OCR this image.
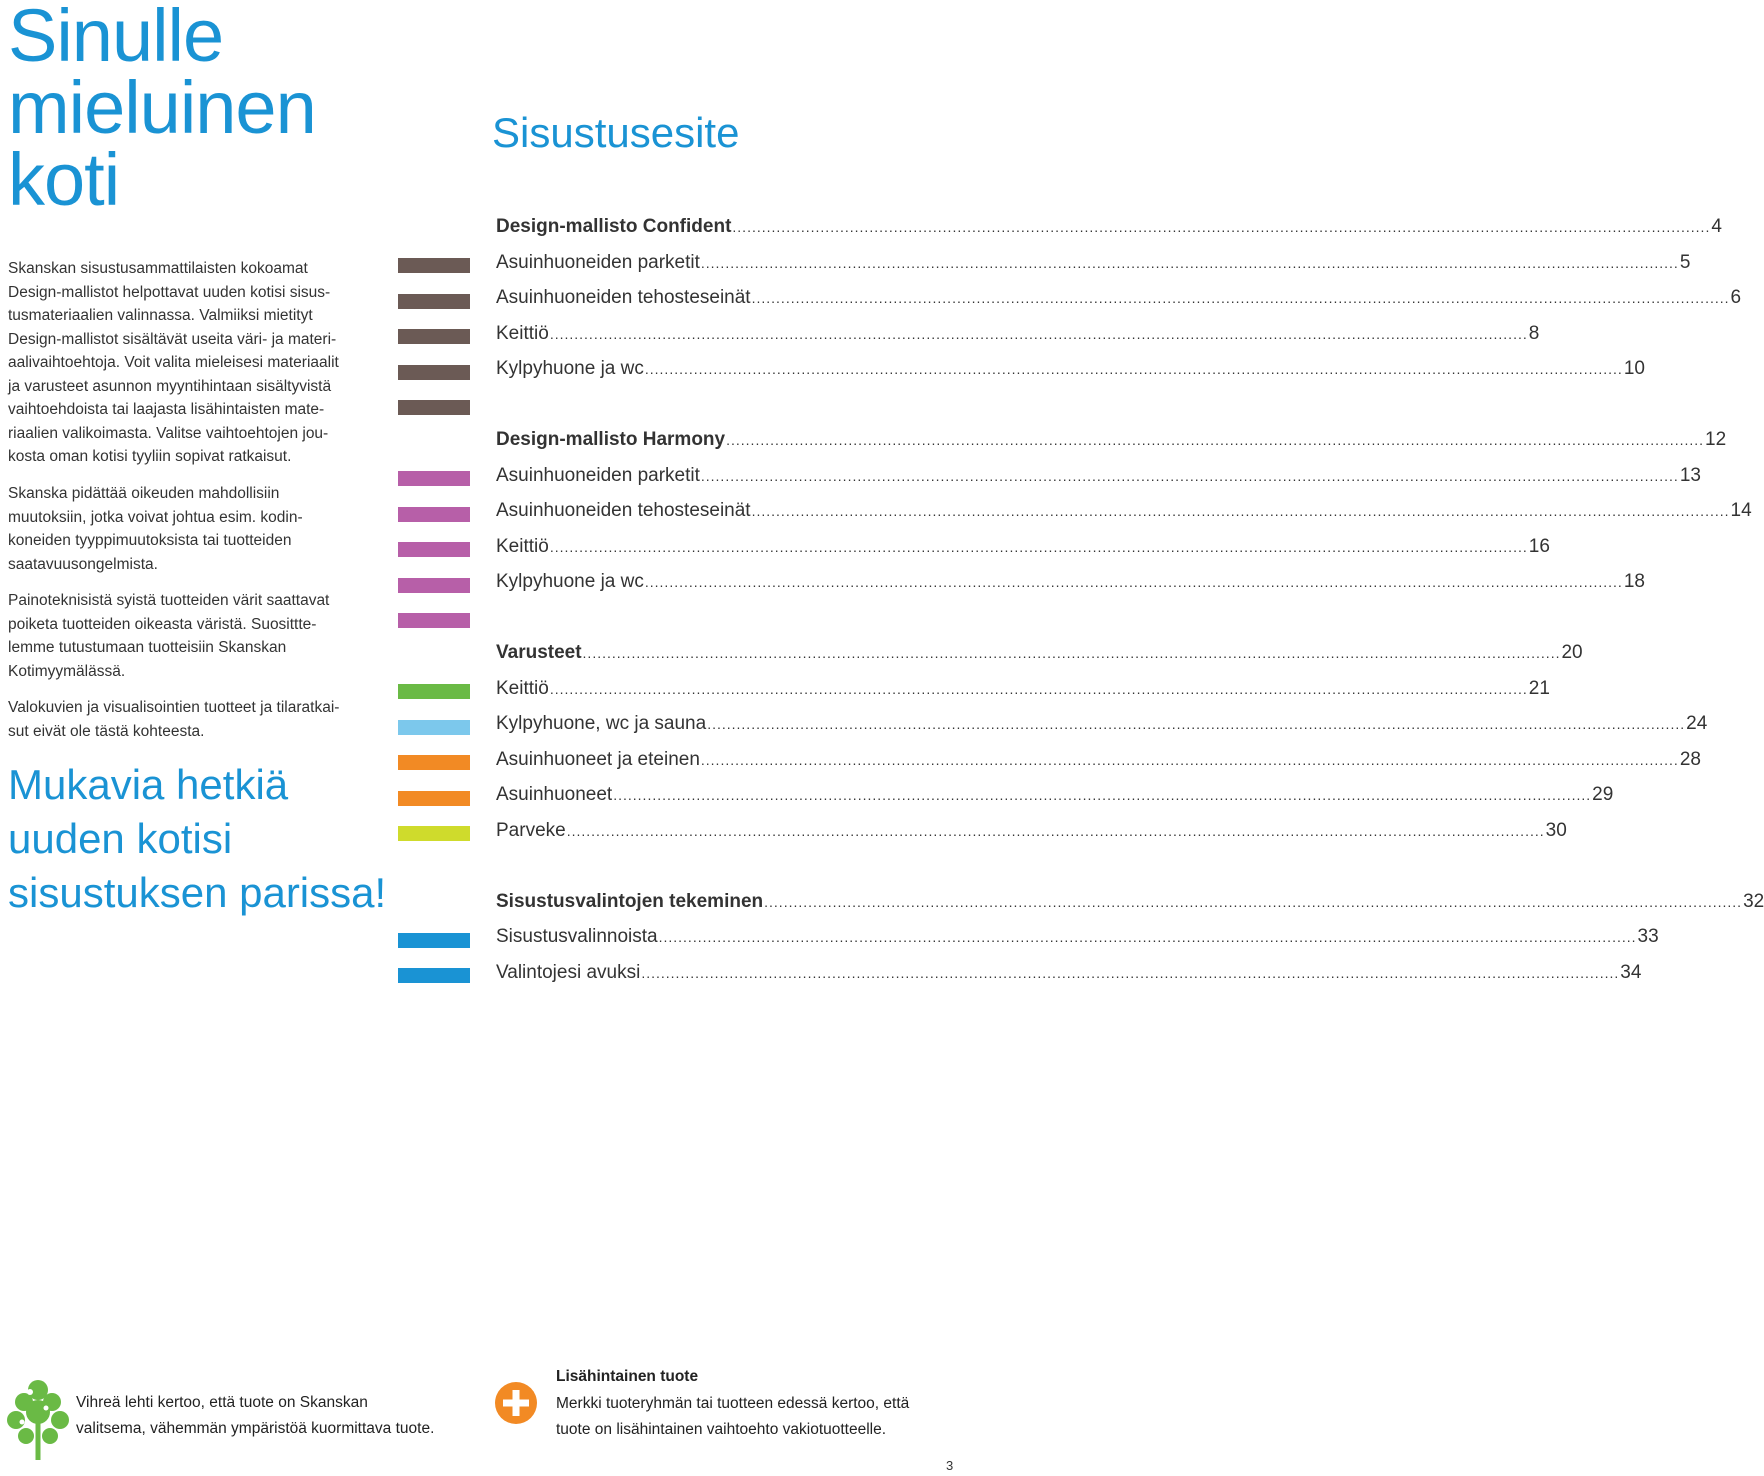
Sinulle
mieluinen
koti
Skanskan sisustusammattilaisten kokoamat
Design-mallistot helpottavat uuden kotisi sisus-
tusmateriaalien valinnassa. Valmiiksi mietityt
Design-mallistot sisältävät useita väri- ja materi-
aalivaihtoehtoja. Voit valita mieleisesi materiaalit
ja varusteet asunnon myyntihintaan sisältyvistä
vaihtoehdoista tai laajasta lisähintaisten mate-
riaalien valikoimasta. Valitse vaihtoehtojen jou-
kosta oman kotisi tyyliin sopivat ratkaisut.
Skanska pidättää oikeuden mahdollisiin
muutoksiin, jotka voivat johtua esim. kodin-
koneiden tyyppimuutoksista tai tuotteiden
saatavuusongelmista.
Painoteknisistä syistä tuotteiden värit saattavat
poiketa tuotteiden oikeasta väristä. Suosittte-
lemme tutustumaan tuotteisiin Skanskan
Kotimyymälässä.
Valokuvien ja visualisointien tuotteet ja tilaratkai-
sut eivät ole tästä kohteesta.
Mukavia hetkiä
uuden kotisi
sisustuksen parissa!
Sisustusesite
Design-mallisto Confident ........................................................................................................................................................................................................ 4
Asuinhuoneiden parketit ........................................................................................................................................................................................................ 5
Asuinhuoneiden tehosteseinät ........................................................................................................................................................................................................ 6
Keittiö ........................................................................................................................................................................................................ 8
Kylpyhuone ja wc ........................................................................................................................................................................................................ 10
Design-mallisto Harmony ........................................................................................................................................................................................................ 12
Asuinhuoneiden parketit ........................................................................................................................................................................................................ 13
Asuinhuoneiden tehosteseinät ........................................................................................................................................................................................................ 14
Keittiö ........................................................................................................................................................................................................ 16
Kylpyhuone ja wc ........................................................................................................................................................................................................ 18
Varusteet ........................................................................................................................................................................................................ 20
Keittiö ........................................................................................................................................................................................................ 21
Kylpyhuone, wc ja sauna ........................................................................................................................................................................................................ 24
Asuinhuoneet ja eteinen ........................................................................................................................................................................................................ 28
Asuinhuoneet ........................................................................................................................................................................................................ 29
Parveke ........................................................................................................................................................................................................ 30
Sisustusvalintojen tekeminen ........................................................................................................................................................................................................ 32
Sisustusvalinnoista ........................................................................................................................................................................................................ 33
Valintojesi avuksi ........................................................................................................................................................................................................ 34
Vihreä lehti kertoo, että tuote on Skanskan
valitsema, vähemmän ympäristöä kuormittava tuote.
Lisähintainen tuote
Merkki tuoteryhmän tai tuotteen edessä kertoo, että
tuote on lisähintainen vaihtoehto vakiotuotteelle.
3
